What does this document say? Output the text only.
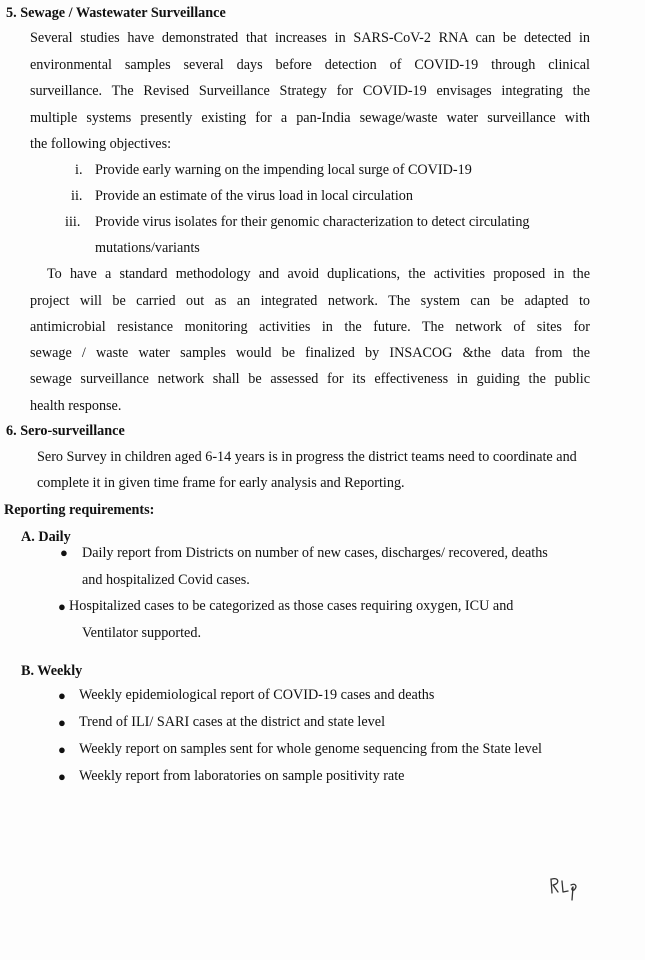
5. Sewage / Wastewater Surveillance
Several studies have demonstrated that increases in SARS-CoV-2 RNA can be detected in
environmental samples several days before detection of COVID-19 through clinical
surveillance. The Revised Surveillance Strategy for COVID-19 envisages integrating the
multiple systems presently existing for a pan-India sewage/waste water surveillance with
the following objectives:
i. Provide early warning on the impending local surge of COVID-19
ii. Provide an estimate of the virus load in local circulation
iii. Provide virus isolates for their genomic characterization to detect circulating
mutations/variants
To have a standard methodology and avoid duplications, the activities proposed in the
project will be carried out as an integrated network. The system can be adapted to
antimicrobial resistance monitoring activities in the future. The network of sites for
sewage / waste water samples would be finalized by INSACOG &the data from the
sewage surveillance network shall be assessed for its effectiveness in guiding the public
health response.
6. Sero-surveillance
Sero Survey in children aged 6-14 years is in progress the district teams need to coordinate and
complete it in given time frame for early analysis and Reporting.
Reporting requirements:
A. Daily
● Daily report from Districts on number of new cases, discharges/ recovered, deaths
and hospitalized Covid cases.
● Hospitalized cases to be categorized as those cases requiring oxygen, ICU and
Ventilator supported.
B. Weekly
● Weekly epidemiological report of COVID-19 cases and deaths
● Trend of ILI/ SARI cases at the district and state level
● Weekly report on samples sent for whole genome sequencing from the State level
● Weekly report from laboratories on sample positivity rate
